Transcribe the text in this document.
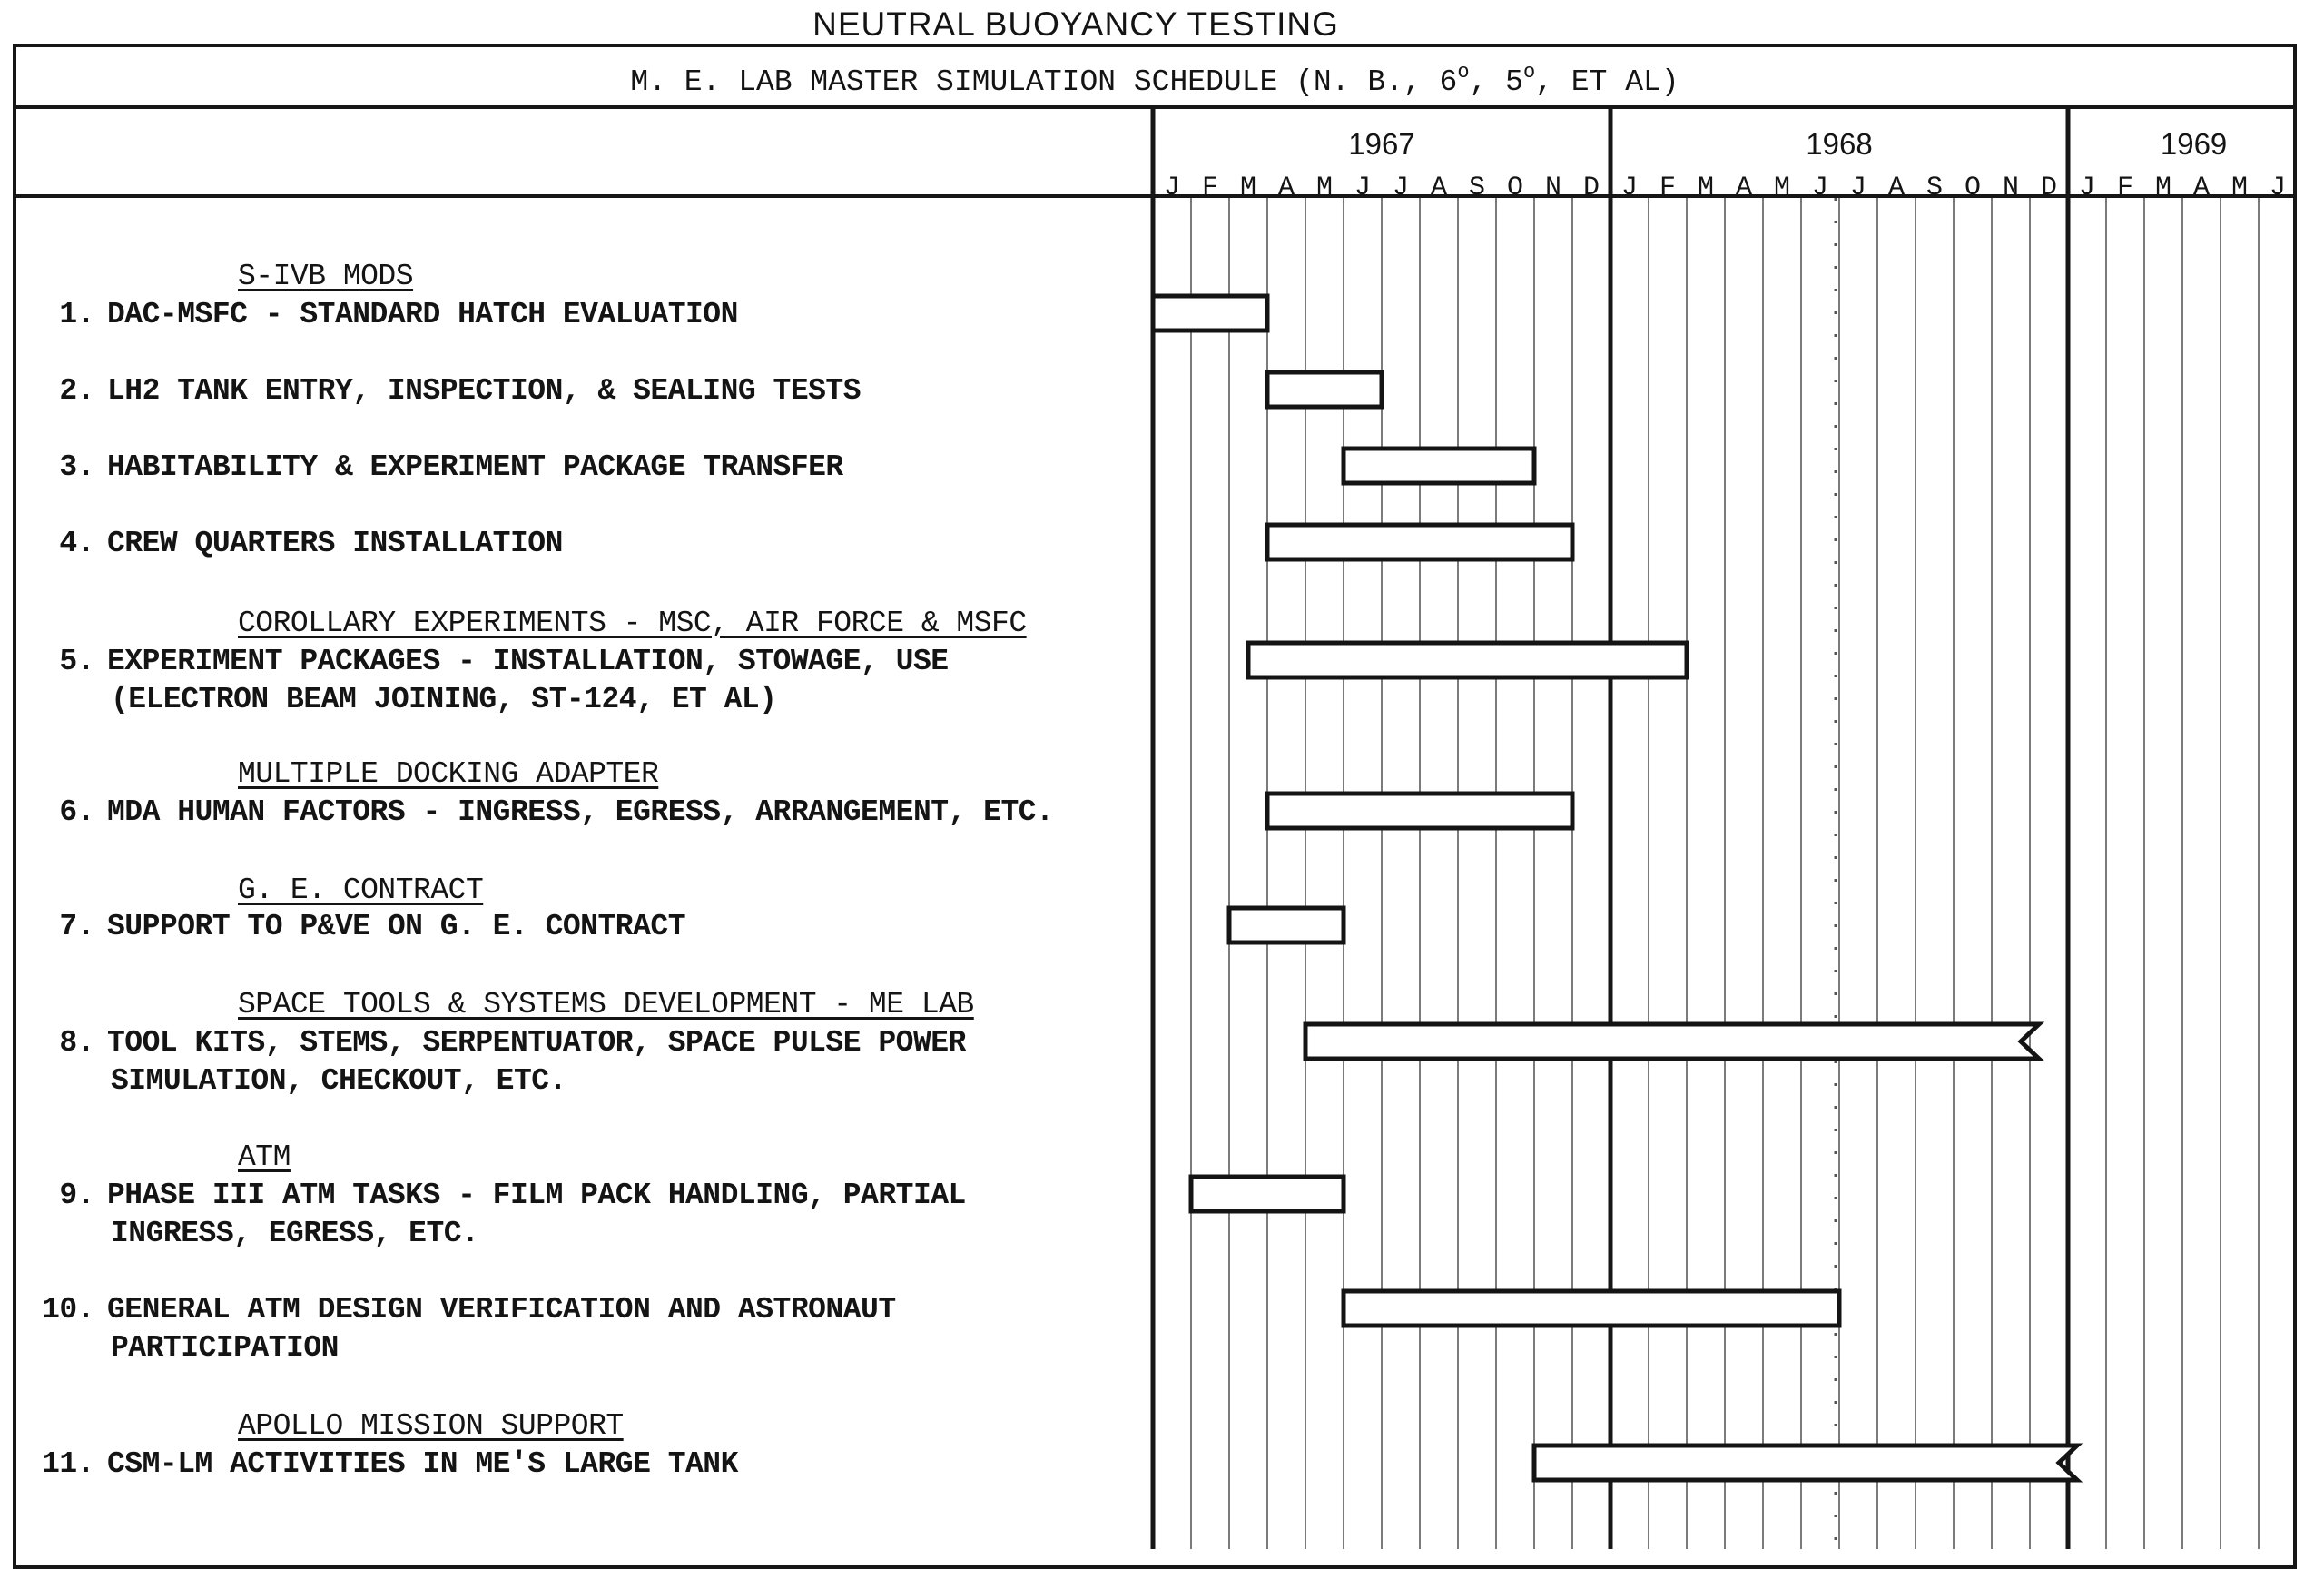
NEUTRAL BUOYANCY TESTING
M. E. LAB MASTER SIMULATION SCHEDULE (N. B., 6$^o$, 5$^o$, ET AL)
S-IVB MODS
1. DAC-MSFC - STANDARD HATCH EVALUATION
2. LH2 TANK ENTRY, INSPECTION, & SEALING TESTS
3. HABITABILITY & EXPERIMENT PACKAGE TRANSFER
4. CREW QUARTERS INSTALLATION
COROLLARY EXPERIMENTS - MSC, AIR FORCE & MSFC
5. EXPERIMENT PACKAGES - INSTALLATION, STOWAGE, USE
(ELECTRON BEAM JOINING, ST-124, ET AL)
MULTIPLE DOCKING ADAPTER
6. MDA HUMAN FACTORS - INGRESS, EGRESS, ARRANGEMENT, ETC.
G. E. CONTRACT
7. SUPPORT TO P&VE ON G. E. CONTRACT
SPACE TOOLS & SYSTEMS DEVELOPMENT - ME LAB
8. TOOL KITS, STEMS, SERPENTUATOR, SPACE PULSE POWER
SIMULATION, CHECKOUT, ETC.
ATM
9. PHASE III ATM TASKS - FILM PACK HANDLING, PARTIAL
INGRESS, EGRESS, ETC.
10. GENERAL ATM DESIGN VERIFICATION AND ASTRONAUT
PARTICIPATION
APOLLO MISSION SUPPORT
11. CSM-LM ACTIVITIES IN ME'S LARGE TANK
J F M A M J J A S O N D J F M A M J J A S O N D J F M A M J
1967	1968	1969
